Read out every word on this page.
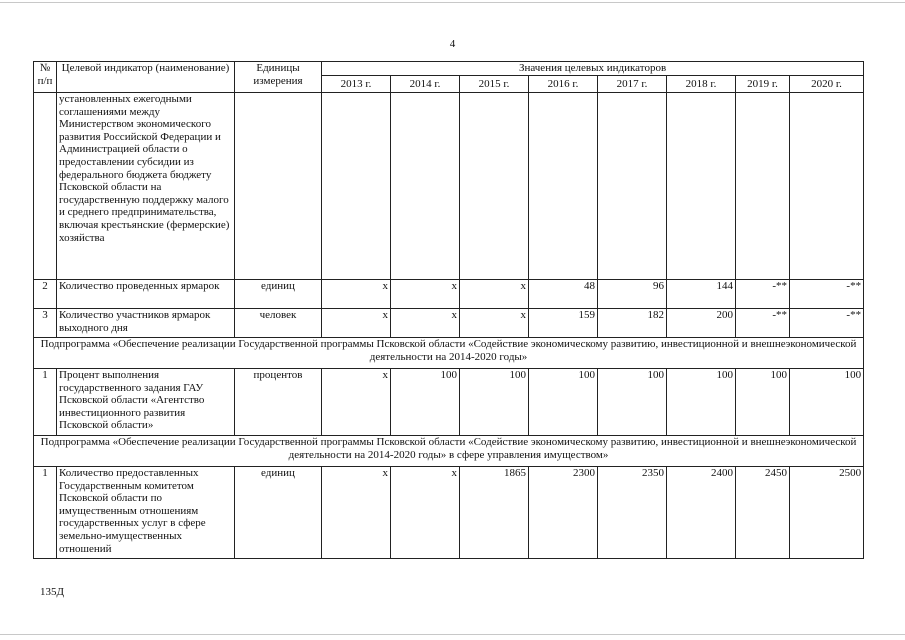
4
№ п/п	Целевой индикатор (наименование)	Единицы измерения	Значения целевых индикаторов							
			2013 г.	2014 г.	2015 г.	2016 г.	2017 г.	2018 г.	2019 г.	2020 г.
	установленных ежегодными соглашениями между Министерством экономического развития Российской Федерации и Администрацией области о предоставлении субсидии из федерального бюджета бюджету Псковской области на государственную поддержку малого и среднего предпринимательства, включая крестьянские (фермерские) хозяйства									
2	Количество проведенных ярмарок	единиц	х	х	х	48	96	144	-**	-**
3	Количество участников ярмарок выходного дня	человек	х	х	х	159	182	200	-**	-**
Подпрограмма «Обеспечение реализации Государственной программы Псковской области «Содействие экономическому развитию, инвестиционной и внешнеэкономической деятельности на 2014-2020 годы»										
1	Процент выполнения государственного задания ГАУ Псковской области «Агентство инвестиционного развития Псковской области»	процентов	х	100	100	100	100	100	100	100
Подпрограмма «Обеспечение реализации Государственной программы Псковской области «Содействие экономическому развитию, инвестиционной и внешнеэкономической деятельности на 2014-2020 годы» в сфере управления имуществом»										
1	Количество предоставленных Государственным комитетом Псковской области по имущественным отношениям государственных услуг в сфере земельно-имущественных отношений	единиц	х	х	1865	2300	2350	2400	2450	2500
135Д
